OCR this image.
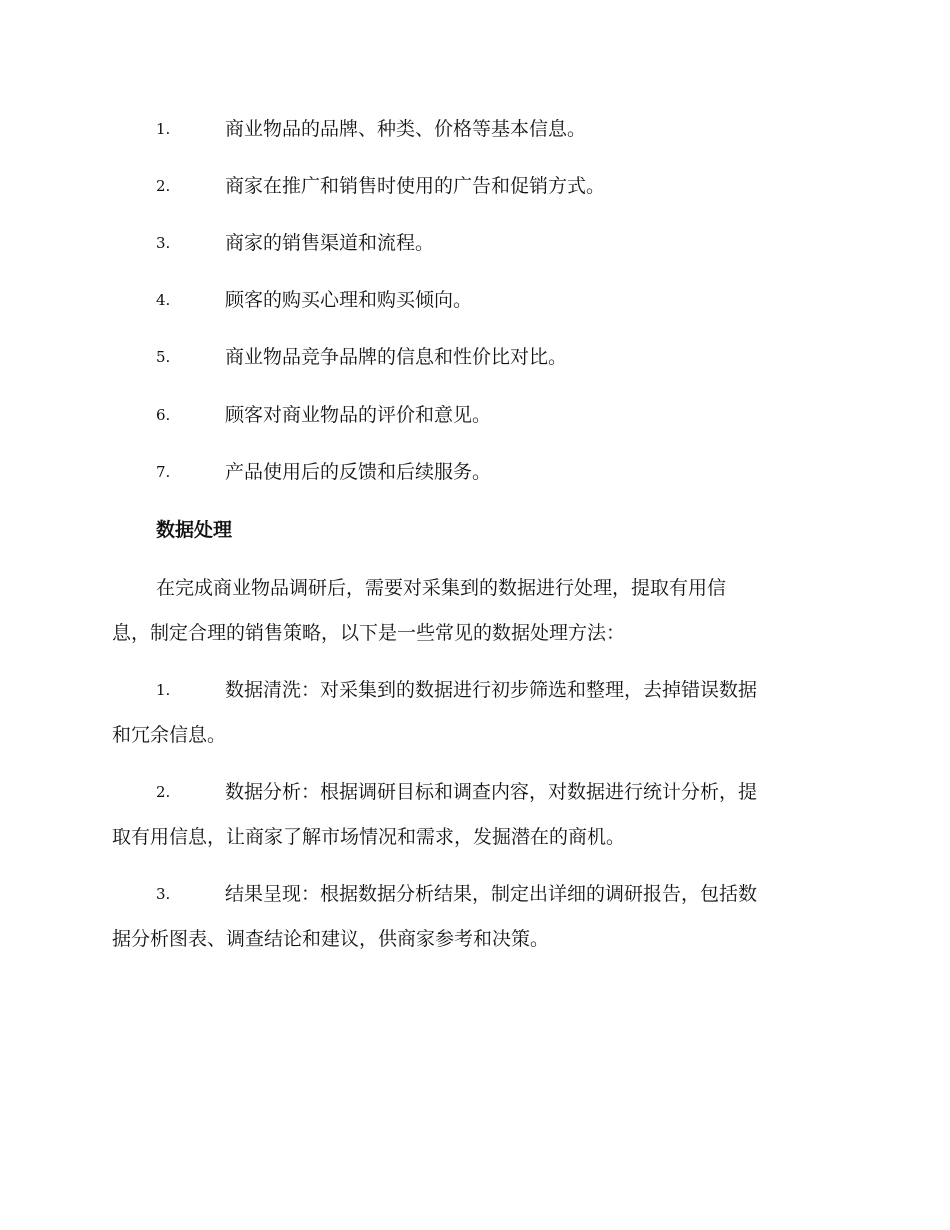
1.	商业物品的品牌、种类、价格等基本信息。
2.	商家在推广和销售时使用的广告和促销方式。
3.	商家的销售渠道和流程。
4.	顾客的购买心理和购买倾向。
5.	商业物品竞争品牌的信息和性价比对比。
6.	顾客对商业物品的评价和意见。
7.	产品使用后的反馈和后续服务。
数据处理
在完成商业物品调研后，需要对采集到的数据进行处理，提取有用信
息，制定合理的销售策略，以下是一些常见的数据处理方法：
1.	数据清洗：对采集到的数据进行初步筛选和整理，去掉错误数据
和冗余信息。
2.	数据分析：根据调研目标和调查内容，对数据进行统计分析，提
取有用信息，让商家了解市场情况和需求，发掘潜在的商机。
3.	结果呈现：根据数据分析结果，制定出详细的调研报告，包括数
据分析图表、调查结论和建议，供商家参考和决策。
